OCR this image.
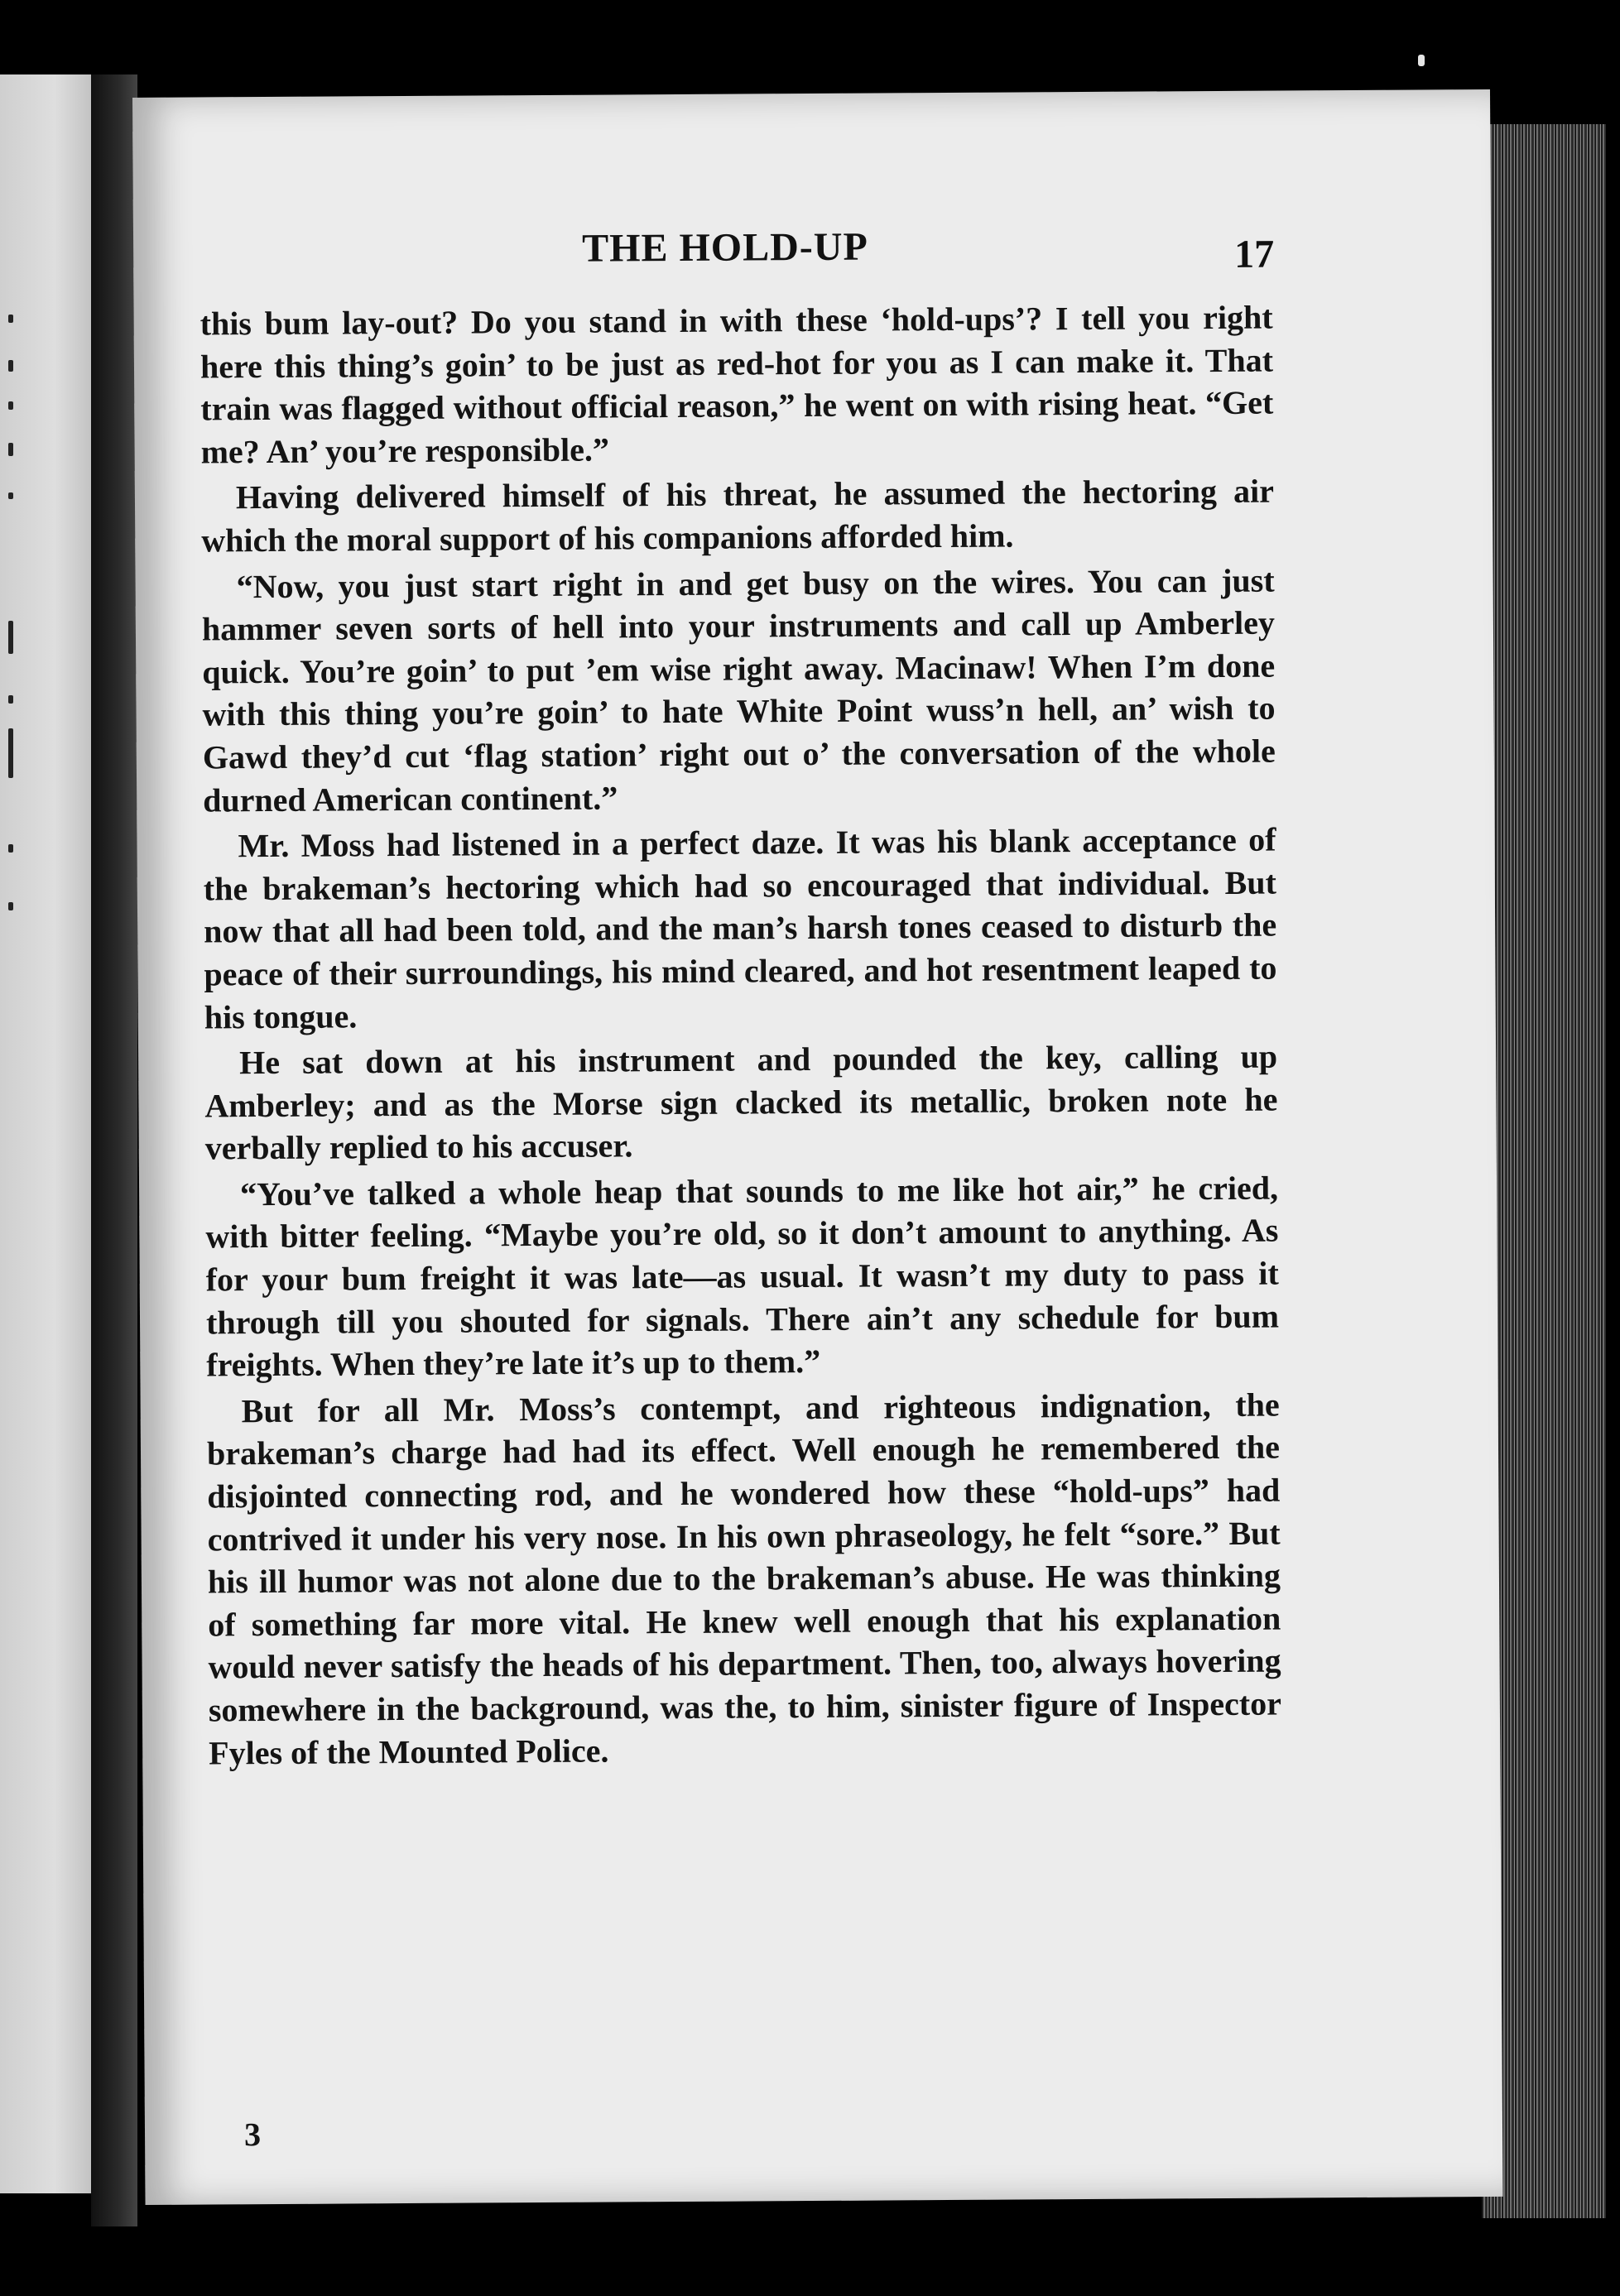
THE HOLD-UP	17

this bum lay-out? Do you stand in with these ‘hold-ups’? I tell you right here this thing’s goin’ to be just as red-hot for you as I can make it. That train was flagged without official reason,” he went on with rising heat. “Get me? An’ you’re responsible.”

Having delivered himself of his threat, he assumed the hectoring air which the moral support of his companions afforded him.

“Now, you just start right in and get busy on the wires. You can just hammer seven sorts of hell into your instruments and call up Amberley quick. You’re goin’ to put ’em wise right away. Macinaw! When I’m done with this thing you’re goin’ to hate White Point wuss’n hell, an’ wish to Gawd they’d cut ‘flag station’ right out o’ the conversation of the whole durned American continent.”

Mr. Moss had listened in a perfect daze. It was his blank acceptance of the brakeman’s hectoring which had so encouraged that individual. But now that all had been told, and the man’s harsh tones ceased to disturb the peace of their surroundings, his mind cleared, and hot resentment leaped to his tongue.

He sat down at his instrument and pounded the key, calling up Amberley; and as the Morse sign clacked its metallic, broken note he verbally replied to his accuser.

“You’ve talked a whole heap that sounds to me like hot air,” he cried, with bitter feeling. “Maybe you’re old, so it don’t amount to anything. As for your bum freight it was late—as usual. It wasn’t my duty to pass it through till you shouted for signals. There ain’t any schedule for bum freights. When they’re late it’s up to them.”

But for all Mr. Moss’s contempt, and righteous indignation, the brakeman’s charge had had its effect. Well enough he remembered the disjointed connecting rod, and he wondered how these “hold-ups” had contrived it under his very nose. In his own phraseology, he felt “sore.” But his ill humor was not alone due to the brakeman’s abuse. He was thinking of something far more vital. He knew well enough that his explanation would never satisfy the heads of his department. Then, too, always hovering somewhere in the background, was the, to him, sinister figure of Inspector Fyles of the Mounted Police.

3
